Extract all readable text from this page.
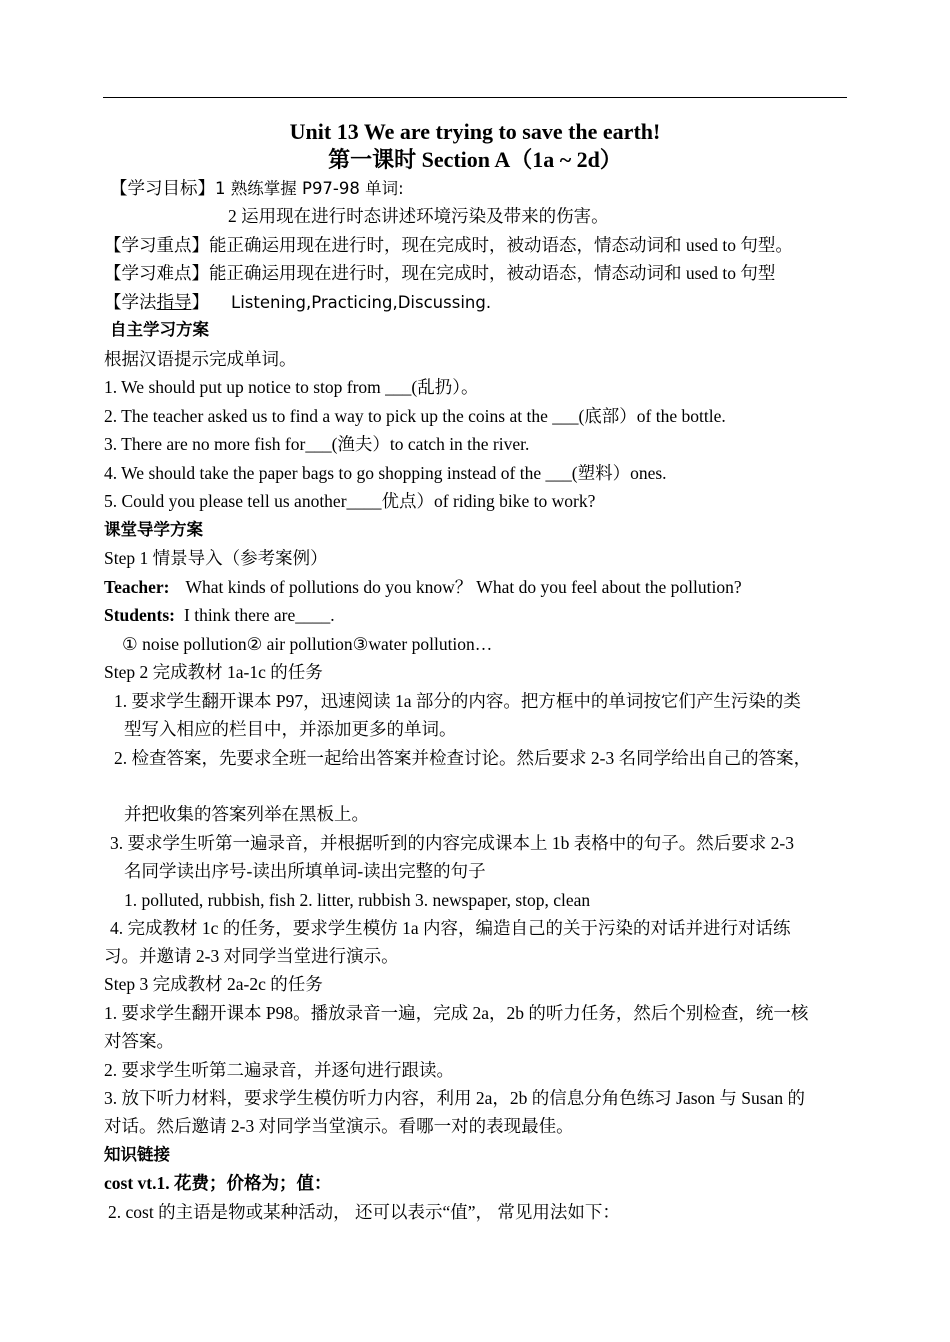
Unit 13 We are trying to save the earth!
第一课时 Section A（1a ~ 2d）
【学习目标】1 熟练掌握 P97-98 单词:
2 运用现在进行时态讲述环境污染及带来的伤害。
【学习重点】能正确运用现在进行时，现在完成时，被动语态，情态动词和 used to 句型。
【学习难点】能正确运用现在进行时，现在完成时，被动语态，情态动词和 used to 句型
【学法指导】 Listening,Practicing,Discussing.
自主学习方案
根据汉语提示完成单词。
1. We should put up notice to stop from ___(乱扔）。
2. The teacher asked us to find a way to pick up the coins at the ___(底部）of the bottle.
3. There are no more fish for___(渔夫）to catch in the river.
4. We should take the paper bags to go shopping instead of the ___(塑料）ones.
5. Could you please tell us another____优点）of riding bike to work?
课堂导学方案
Step 1 情景导入（参考案例）
Teacher: What kinds of pollutions do you know？ What do you feel about the pollution?
Students: I think there are____.
① noise pollution② air pollution③water pollution…
Step 2 完成教材 1a-1c 的任务
1. 要求学生翻开课本 P97，迅速阅读 1a 部分的内容。把方框中的单词按它们产生污染的类
型写入相应的栏目中，并添加更多的单词。
2. 检查答案，先要求全班一起给出答案并检查讨论。然后要求 2-3 名同学给出自己的答案，
并把收集的答案列举在黑板上。
3. 要求学生听第一遍录音，并根据听到的内容完成课本上 1b 表格中的句子。然后要求 2-3
名同学读出序号-读出所填单词-读出完整的句子
1. polluted, rubbish, fish 2. litter, rubbish 3. newspaper, stop, clean
4. 完成教材 1c 的任务，要求学生模仿 1a 内容，编造自己的关于污染的对话并进行对话练
习。并邀请 2-3 对同学当堂进行演示。
Step 3 完成教材 2a-2c 的任务
1. 要求学生翻开课本 P98。播放录音一遍，完成 2a，2b 的听力任务，然后个别检查，统一核
对答案。
2. 要求学生听第二遍录音，并逐句进行跟读。
3. 放下听力材料，要求学生模仿听力内容，利用 2a，2b 的信息分角色练习 Jason 与 Susan 的
对话。然后邀请 2-3 对同学当堂演示。看哪一对的表现最佳。
知识链接
cost vt.1. 花费；价格为；值：
2. cost 的主语是物或某种活动， 还可以表示“值”， 常见用法如下：
